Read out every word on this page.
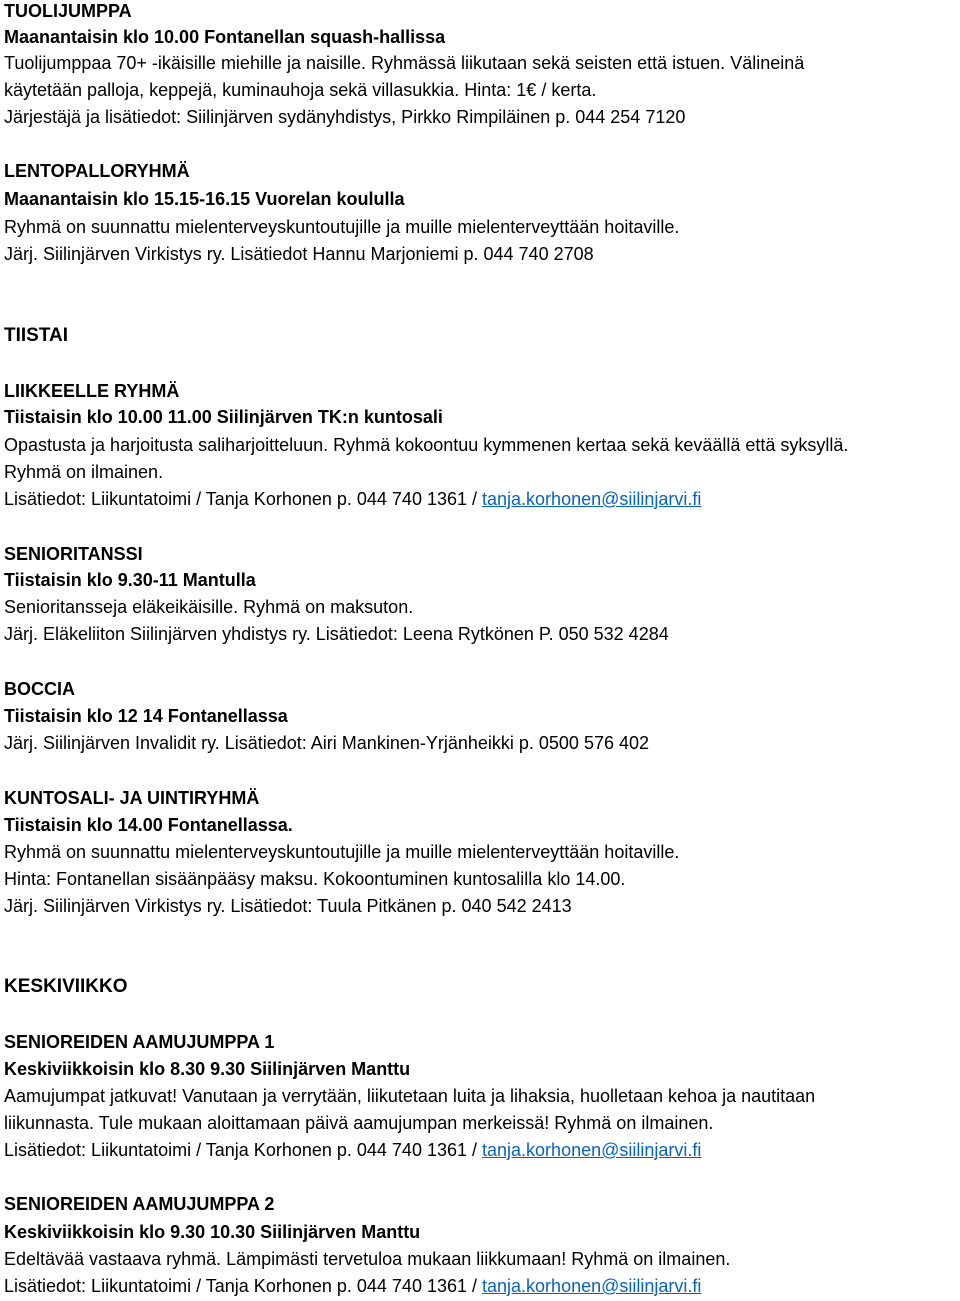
TUOLIJUMPPA
Maanantaisin klo 10.00 Fontanellan squash-hallissa
Tuolijumppaa 70+ -ikäisille miehille ja naisille. Ryhmässä liikutaan sekä seisten että istuen. Välineinä
käytetään palloja, keppejä, kuminauhoja sekä villasukkia. Hinta: 1€ / kerta.
Järjestäjä ja lisätiedot: Siilinjärven sydänyhdistys, Pirkko Rimpiläinen p. 044 254 7120
LENTOPALLORYHMÄ
Maanantaisin klo 15.15-16.15 Vuorelan koululla
Ryhmä on suunnattu mielenterveyskuntoutujille ja muille mielenterveyttään hoitaville.
Järj. Siilinjärven Virkistys ry. Lisätiedot Hannu Marjoniemi p. 044 740 2708
TIISTAI
LIIKKEELLE RYHMÄ
Tiistaisin klo 10.00 11.00 Siilinjärven TK:n kuntosali
Opastusta ja harjoitusta saliharjoitteluun. Ryhmä kokoontuu kymmenen kertaa sekä keväällä että syksyllä.
Ryhmä on ilmainen.
Lisätiedot: Liikuntatoimi / Tanja Korhonen p. 044 740 1361 / tanja.korhonen@siilinjarvi.fi
SENIORITANSSI
Tiistaisin klo 9.30-11 Mantulla
Senioritansseja eläkeikäisille. Ryhmä on maksuton.
Järj. Eläkeliiton Siilinjärven yhdistys ry. Lisätiedot: Leena Rytkönen P. 050 532 4284
BOCCIA
Tiistaisin klo 12 14 Fontanellassa
Järj. Siilinjärven Invalidit ry. Lisätiedot: Airi Mankinen-Yrjänheikki p. 0500 576 402
KUNTOSALI- JA UINTIRYHMÄ
Tiistaisin klo 14.00 Fontanellassa.
Ryhmä on suunnattu mielenterveyskuntoutujille ja muille mielenterveyttään hoitaville.
Hinta: Fontanellan sisäänpääsy maksu. Kokoontuminen kuntosalilla klo 14.00.
Järj. Siilinjärven Virkistys ry. Lisätiedot: Tuula Pitkänen p. 040 542 2413
KESKIVIIKKO
SENIOREIDEN AAMUJUMPPA 1
Keskiviikkoisin klo 8.30 9.30 Siilinjärven Manttu
Aamujumpat jatkuvat! Vanutaan ja verrytään, liikutetaan luita ja lihaksia, huolletaan kehoa ja nautitaan
liikunnasta. Tule mukaan aloittamaan päivä aamujumpan merkeissä! Ryhmä on ilmainen.
Lisätiedot: Liikuntatoimi / Tanja Korhonen p. 044 740 1361 / tanja.korhonen@siilinjarvi.fi
SENIOREIDEN AAMUJUMPPA 2
Keskiviikkoisin klo 9.30 10.30 Siilinjärven Manttu
Edeltävää vastaava ryhmä. Lämpimästi tervetuloa mukaan liikkumaan! Ryhmä on ilmainen.
Lisätiedot: Liikuntatoimi / Tanja Korhonen p. 044 740 1361 / tanja.korhonen@siilinjarvi.fi
